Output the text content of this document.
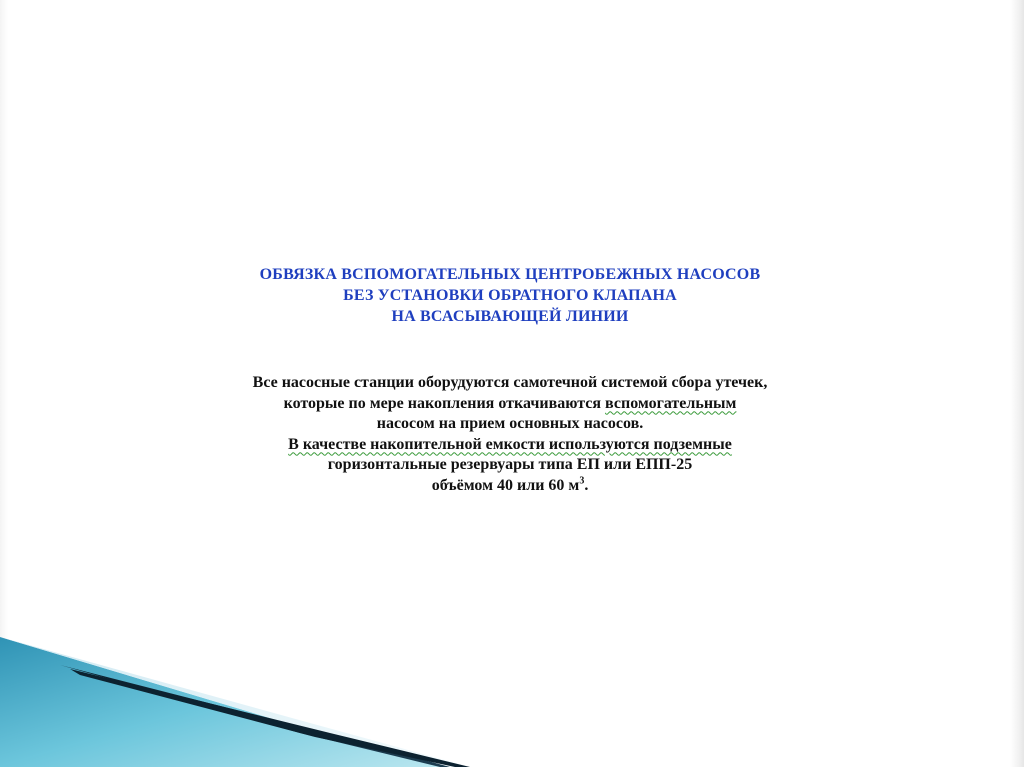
ОБВЯЗКА ВСПОМОГАТЕЛЬНЫХ ЦЕНТРОБЕЖНЫХ НАСОСОВ
БЕЗ УСТАНОВКИ ОБРАТНОГО КЛАПАНА
НА ВСАСЫВАЮЩЕЙ ЛИНИИ
Все насосные станции оборудуются самотечной системой сбора утечек,
которые по мере накопления откачиваются вспомогательным
насосом на прием основных насосов.
В качестве накопительной емкости используются подземные
горизонтальные резервуары типа ЕП или ЕПП-25
объёмом 40 или 60 $м^3$.
